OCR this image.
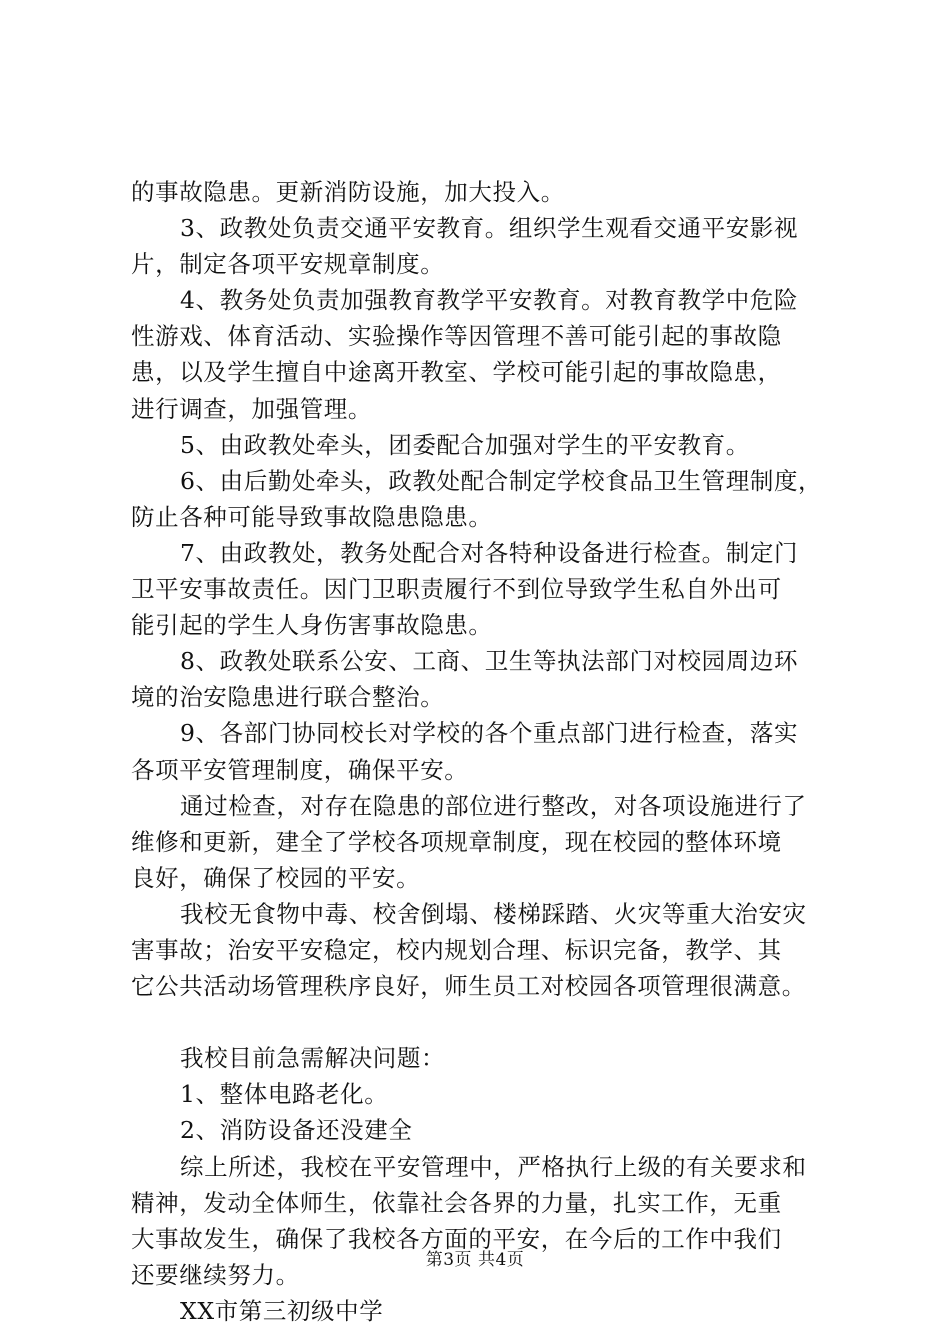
的事故隐患。更新消防设施，加大投入。
3、政教处负责交通平安教育。组织学生观看交通平安影视
片，制定各项平安规章制度。
4、教务处负责加强教育教学平安教育。对教育教学中危险
性游戏、体育活动、实验操作等因管理不善可能引起的事故隐
患，以及学生擅自中途离开教室、学校可能引起的事故隐患，
进行调查，加强管理。
5、由政教处牵头，团委配合加强对学生的平安教育。
6、由后勤处牵头，政教处配合制定学校食品卫生管理制度，
防止各种可能导致事故隐患隐患。
7、由政教处，教务处配合对各特种设备进行检查。制定门
卫平安事故责任。因门卫职责履行不到位导致学生私自外出可
能引起的学生人身伤害事故隐患。
8、政教处联系公安、工商、卫生等执法部门对校园周边环
境的治安隐患进行联合整治。
9、各部门协同校长对学校的各个重点部门进行检查，落实
各项平安管理制度，确保平安。
通过检查，对存在隐患的部位进行整改，对各项设施进行了
维修和更新，建全了学校各项规章制度，现在校园的整体环境
良好，确保了校园的平安。
我校无食物中毒、校舍倒塌、楼梯踩踏、火灾等重大治安灾
害事故；治安平安稳定，校内规划合理、标识完备，教学、其
它公共活动场管理秩序良好，师生员工对校园各项管理很满意。
我校目前急需解决问题：
1、整体电路老化。
2、消防设备还没建全
综上所述，我校在平安管理中，严格执行上级的有关要求和
精神，发动全体师生，依靠社会各界的力量，扎实工作，无重
大事故发生，确保了我校各方面的平安，在今后的工作中我们
还要继续努力。
XX市第三初级中学
第3页 共4页
